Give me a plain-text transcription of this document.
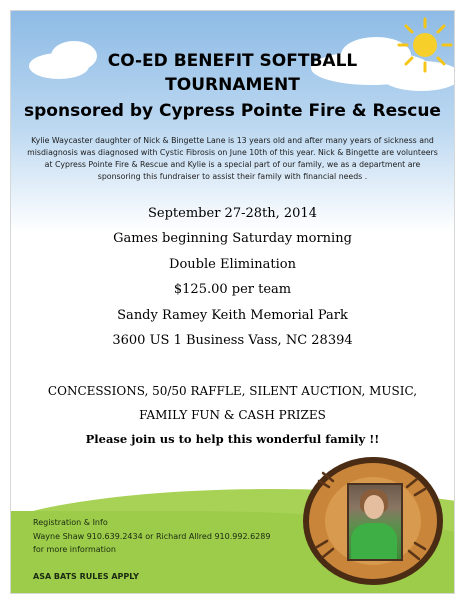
CO-ED BENEFIT SOFTBALL
TOURNAMENT
sponsored by Cypress Pointe Fire & Rescue
Kylie Waycaster daughter of Nick & Bingette Lane is 13 years old and after many years of sickness and misdiagnosis was diagnosed with Cystic Fibrosis on June 10th of this year. Nick & Bingette are volunteers at Cypress Pointe Fire & Rescue and Kylie is a special part of our family, we as a department are sponsoring this fundraiser to assist their family with financial needs .
September 27-28th, 2014
Games beginning Saturday morning
Double Elimination
$125.00 per team
Sandy Ramey Keith Memorial Park
3600 US 1 Business Vass, NC 28394
CONCESSIONS, 50/50 RAFFLE, SILENT AUCTION, MUSIC,
FAMILY FUN & CASH PRIZES
Please join us to help this wonderful family !!
Registration & Info
Wayne Shaw 910.639.2434 or Richard Allred 910.992.6289
for more information
ASA BATS RULES APPLY
